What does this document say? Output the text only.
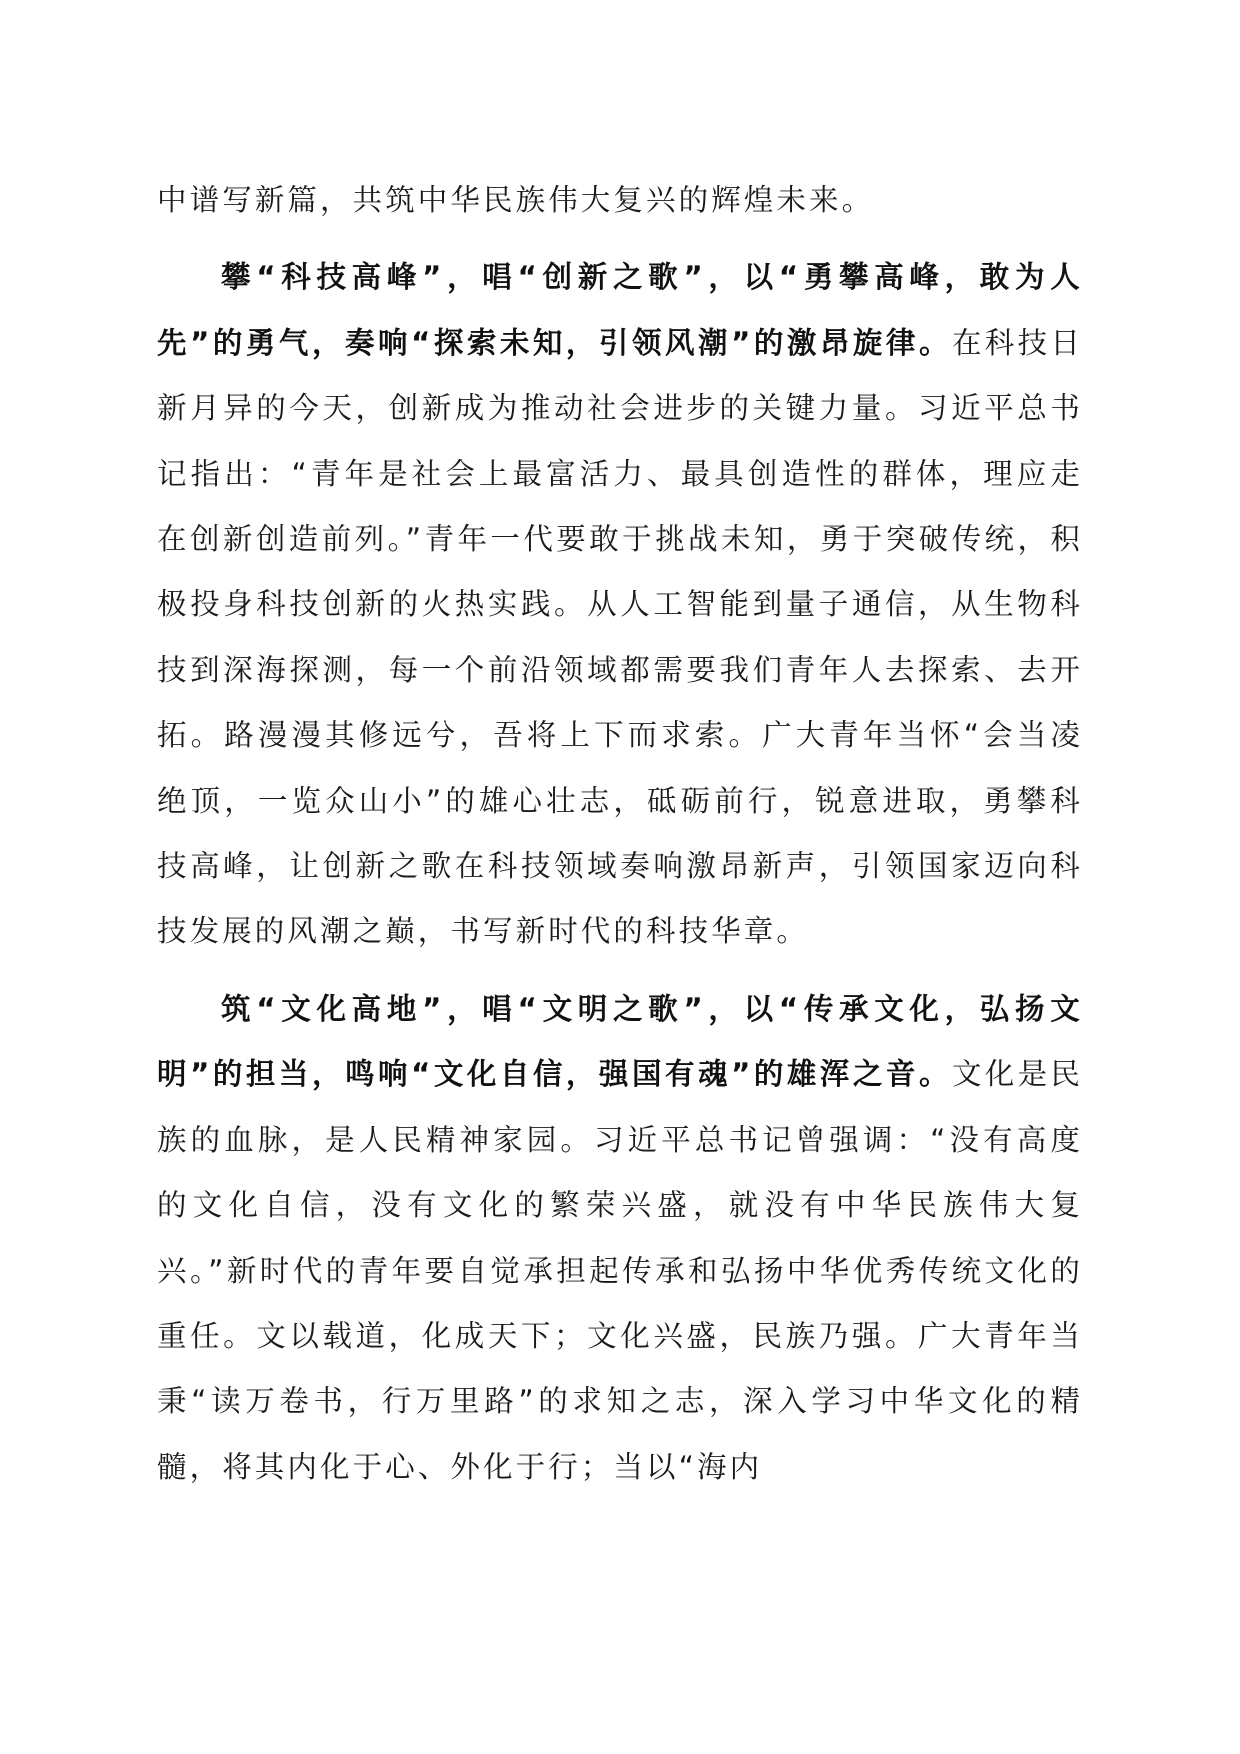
中谱写新篇，共筑中华民族伟大复兴的辉煌未来。

攀“科技高峰”，唱“创新之歌”，以“勇攀高峰，敢为人先”的勇气，奏响“探索未知，引领风潮”的激昂旋律。在科技日新月异的今天，创新成为推动社会进步的关键力量。习近平总书记指出：“青年是社会上最富活力、最具创造性的群体，理应走在创新创造前列。”青年一代要敢于挑战未知，勇于突破传统，积极投身科技创新的火热实践。从人工智能到量子通信，从生物科技到深海探测，每一个前沿领域都需要我们青年人去探索、去开拓。路漫漫其修远兮，吾将上下而求索。广大青年当怀“会当凌绝顶，一览众山小”的雄心壮志，砥砺前行，锐意进取，勇攀科技高峰，让创新之歌在科技领域奏响激昂新声，引领国家迈向科技发展的风潮之巅，书写新时代的科技华章。

筑“文化高地”，唱“文明之歌”，以“传承文化，弘扬文明”的担当，鸣响“文化自信，强国有魂”的雄浑之音。文化是民族的血脉，是人民精神家园。习近平总书记曾强调：“没有高度的文化自信，没有文化的繁荣兴盛，就没有中华民族伟大复兴。”新时代的青年要自觉承担起传承和弘扬中华优秀传统文化的重任。文以载道，化成天下；文化兴盛，民族乃强。广大青年当秉“读万卷书，行万里路”的求知之志，深入学习中华文化的精髓，将其内化于心、外化于行；当以“海内
